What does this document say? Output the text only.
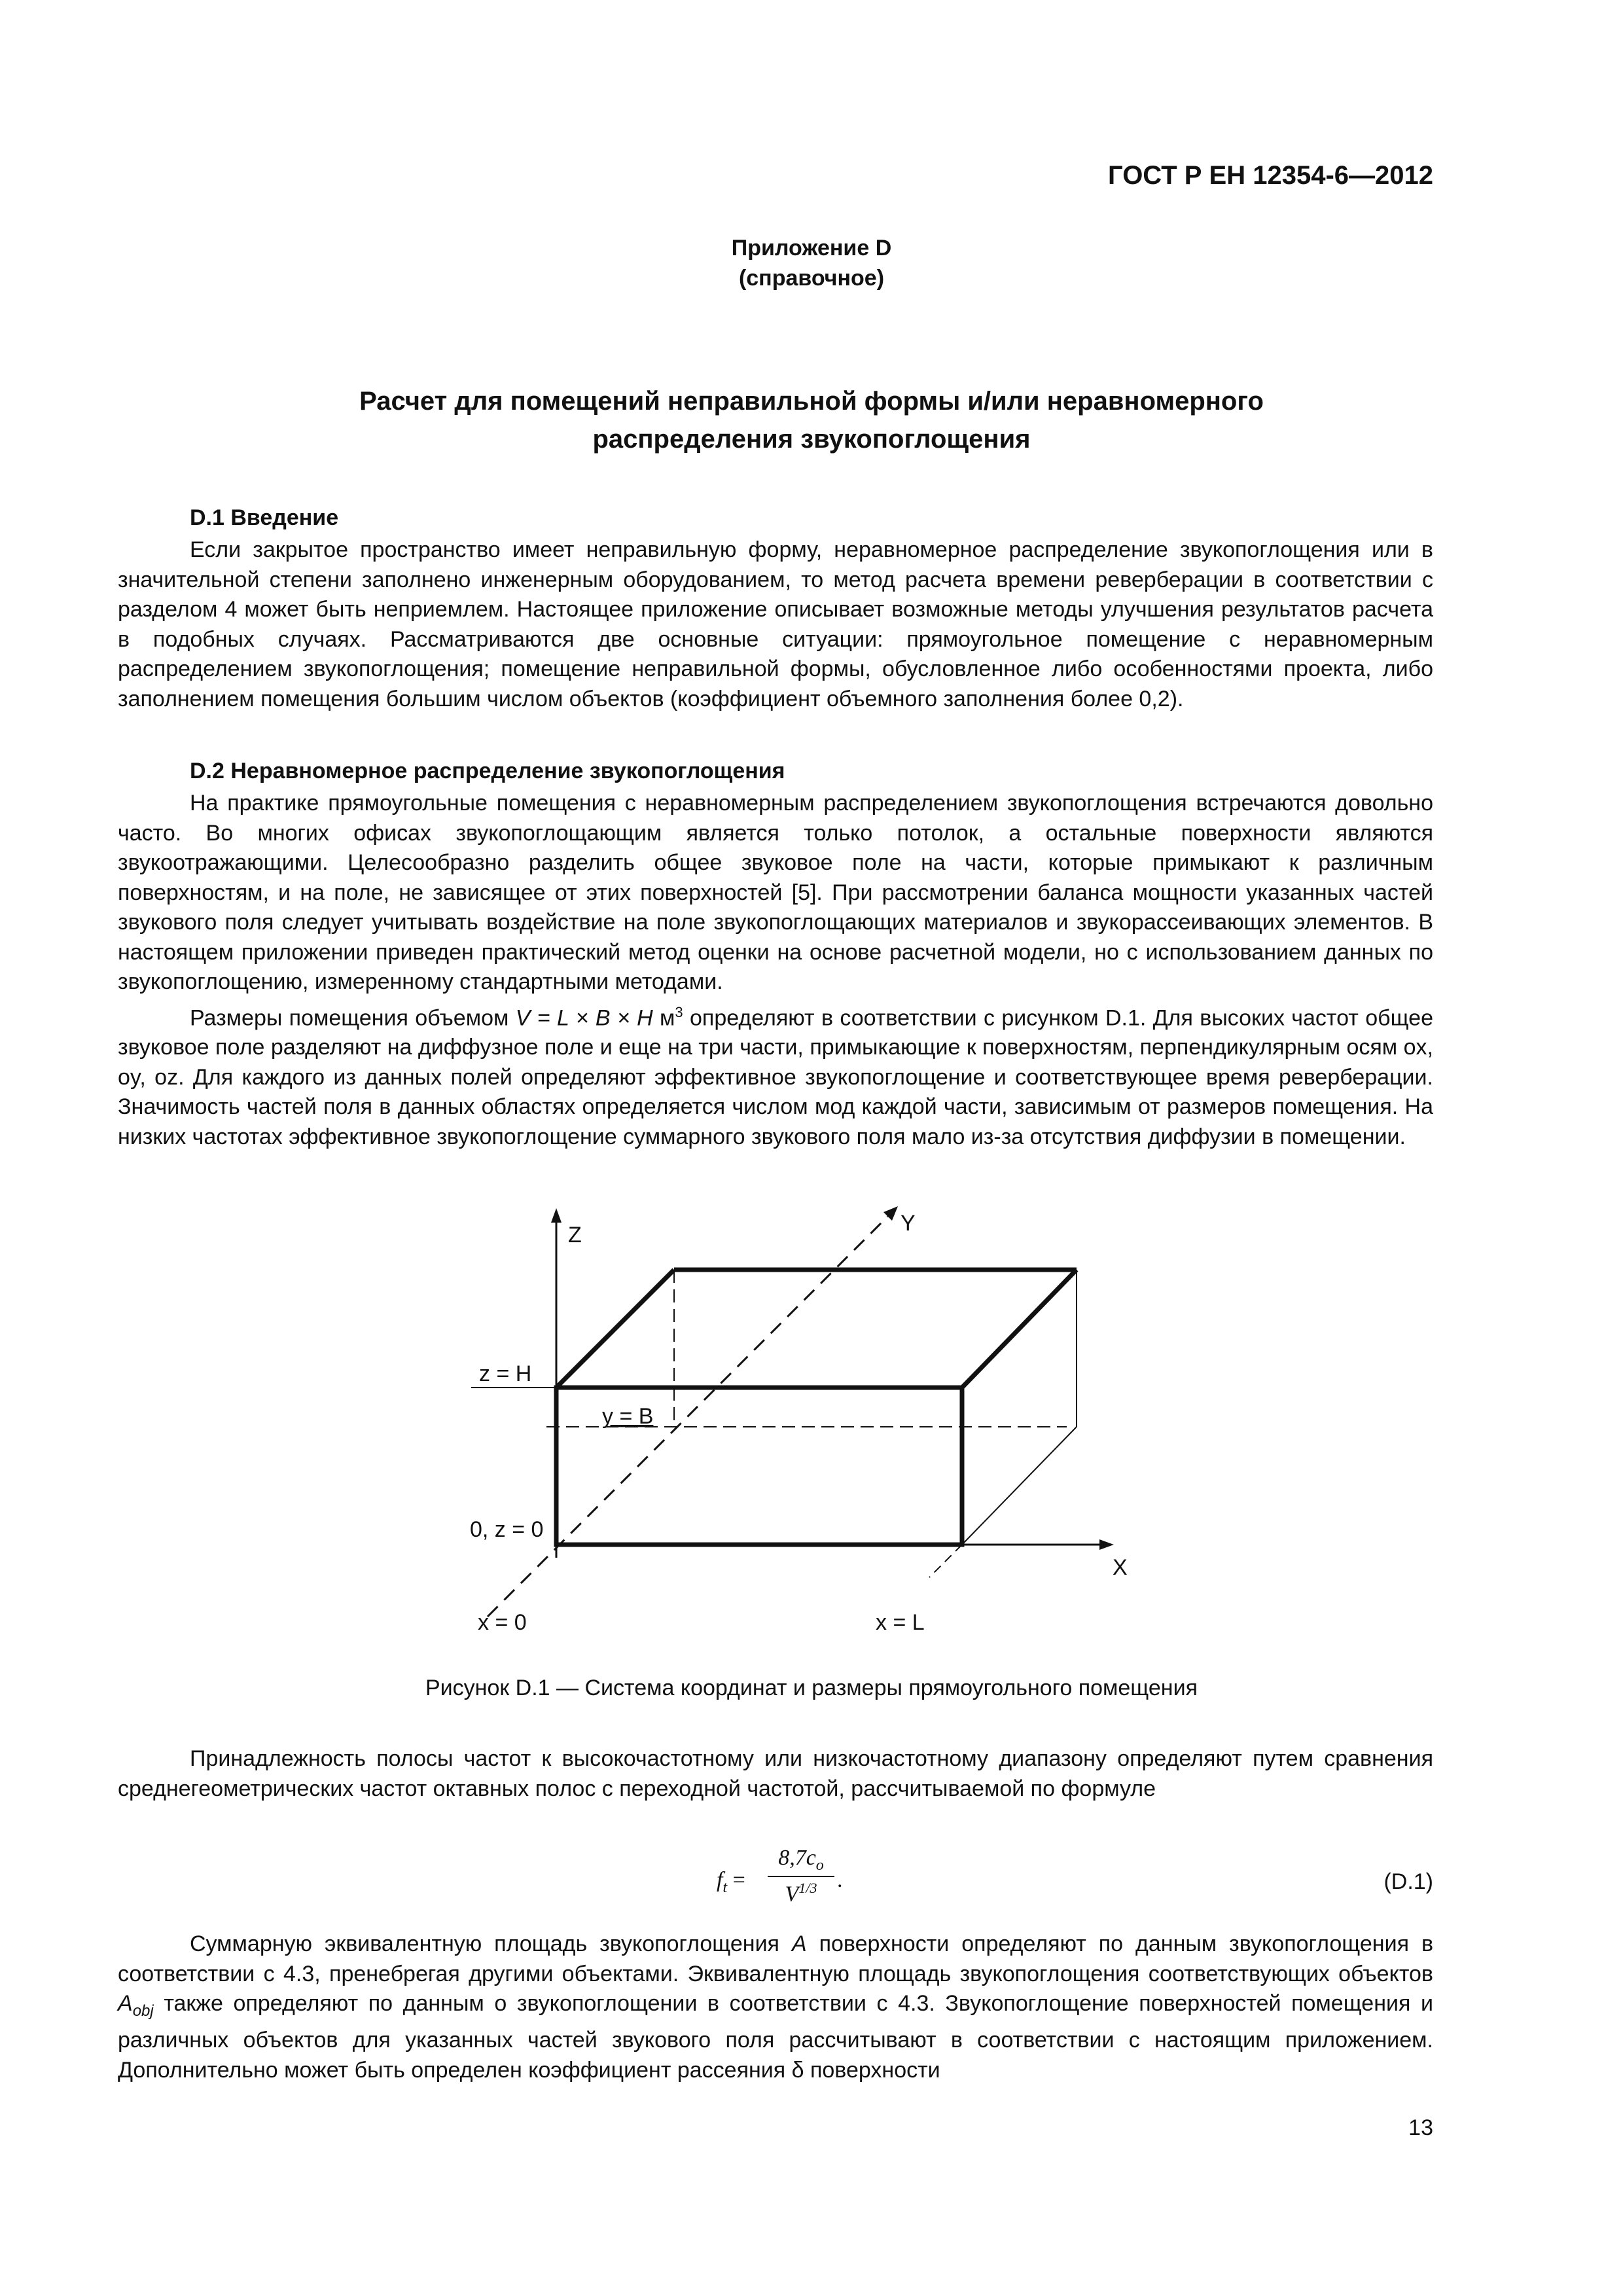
ГОСТ Р ЕН 12354-6—2012
Приложение D
(справочное)
Расчет для помещений неправильной формы и/или неравномерного
распределения звукопоглощения
D.1 Введение

Если закрытое пространство имеет неправильную форму, неравномерное распределение звукопоглощения или в значительной степени заполнено инженерным оборудованием, то метод расчета времени реверберации в соответствии с разделом 4 может быть неприемлем. Настоящее приложение описывает возможные методы улучшения результатов расчета в подобных случаях. Рассматриваются две основные ситуации: прямоугольное помещение с неравномерным распределением звукопоглощения; помещение неправильной формы, обусловленное либо особенностями проекта, либо заполнением помещения большим числом объектов (коэффициент объемного заполнения более 0,2).

D.2 Неравномерное распределение звукопоглощения

На практике прямоугольные помещения с неравномерным распределением звукопоглощения встречаются довольно часто. Во многих офисах звукопоглощающим является только потолок, а остальные поверхности являются звукоотражающими. Целесообразно разделить общее звуковое поле на части, которые примыкают к различным поверхностям, и на поле, не зависящее от этих поверхностей [5]. При рассмотрении баланса мощности указанных частей звукового поля следует учитывать воздействие на поле звукопоглощающих материалов и звукорассеивающих элементов. В настоящем приложении приведен практический метод оценки на основе расчетной модели, но с использованием данных по звукопоглощению, измеренному стандартными методами.

Размеры помещения объемом V = L × B × H $м^3$ определяют в соответствии с рисунком D.1. Для высоких частот общее звуковое поле разделяют на диффузное поле и еще на три части, примыкающие к поверхностям, перпендикулярным осям ox, oy, oz. Для каждого из данных полей определяют эффективное звукопоглощение и соответствующее время реверберации. Значимость частей поля в данных областях определяется числом мод каждой части, зависимым от размеров помещения. На низких частотах эффективное звукопоглощение суммарного звукового поля мало из-за отсутствия диффузии в помещении.

Z	Y
X
z = H
y = B
0, z = 0
x = 0	x = L
Рисунок D.1 — Система координат и размеры прямоугольного помещения

Принадлежность полосы частот к высокочастотному или низкочастотному диапазону определяют путем сравнения среднегеометрических частот октавных полос с переходной частотой, рассчитываемой по формуле

$f_t$ =
$8,7c_o$
$V^{1/3}$ .	(D.1)

Суммарную эквивалентную площадь звукопоглощения A поверхности определяют по данным звукопоглощения в соответствии с 4.3, пренебрегая другими объектами. Эквивалентную площадь звукопоглощения соответствующих объектов $A_{obj}$ также определяют по данным о звукопоглощении в соответствии с 4.3. Звукопоглощение поверхностей помещения и различных объектов для указанных частей звукового поля рассчитывают в соответствии с настоящим приложением. Дополнительно может быть определен коэффициент рассеяния δ поверхности

13
